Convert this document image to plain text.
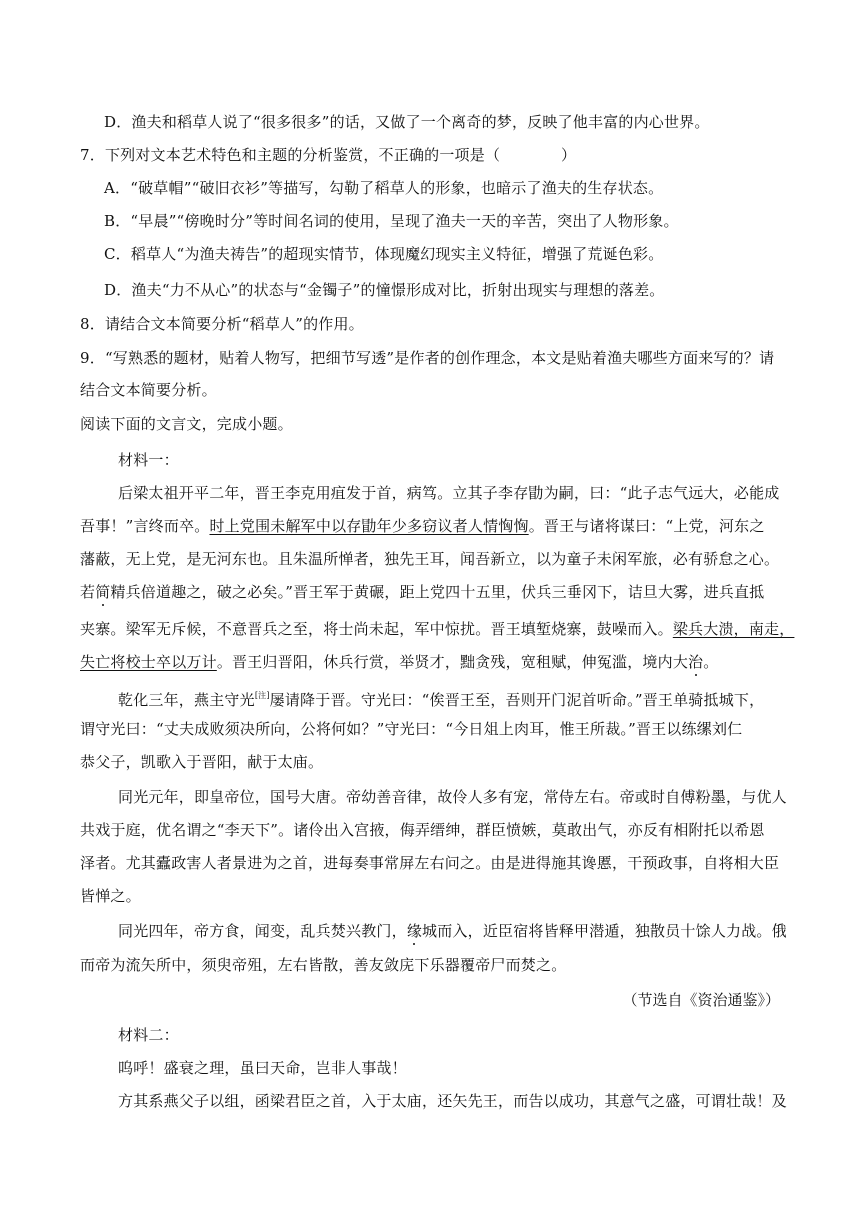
D．渔夫和稻草人说了“很多很多”的话，又做了一个离奇的梦，反映了他丰富的内心世界。
7．下列对文本艺术特色和主题的分析鉴赏，不正确的一项是（　　　　）
A．“破草帽”“破旧衣衫”等描写，勾勒了稻草人的形象，也暗示了渔夫的生存状态。
B．“早晨”“傍晚时分”等时间名词的使用，呈现了渔夫一天的辛苦，突出了人物形象。
C．稻草人“为渔夫祷告”的超现实情节，体现魔幻现实主义特征，增强了荒诞色彩。
D．渔夫“力不从心”的状态与“金镯子”的憧憬形成对比，折射出现实与理想的落差。
8．请结合文本简要分析“稻草人”的作用。
9．“写熟悉的题材，贴着人物写，把细节写透”是作者的创作理念，本文是贴着渔夫哪些方面来写的？请
结合文本简要分析。
阅读下面的文言文，完成小题。
材料一：
后梁太祖开平二年，晋王李克用疽发于首，病笃。立其子李存勖为嗣，曰：“此子志气远大，必能成
吾事！”言终而卒。时上党围未解军中以存勖年少多窃议者人情恟恟。晋王与诸将谋曰：“上党，河东之
藩蔽，无上党，是无河东也。且朱温所惮者，独先王耳，闻吾新立，以为童子未闲军旅，必有骄怠之心。
若简精兵倍道趣之，破之必矣。”晋王军于黄碾，距上党四十五里，伏兵三垂冈下，诘旦大雾，进兵直抵
夹寨。梁军无斥候，不意晋兵之至，将士尚未起，军中惊扰。晋王填堑烧寨，鼓噪而入。梁兵大溃，南走，
失亡将校士卒以万计。晋王归晋阳，休兵行赏，举贤才，黜贪残，宽租赋，伸冤滥，境内大治。
乾化三年，燕主守光[注]屡请降于晋。守光曰：“俟晋王至，吾则开门泥首听命。”晋王单骑抵城下，
谓守光曰：“丈夫成败须决所向，公将何如？”守光曰：“今日俎上肉耳，惟王所裁。”晋王以练缧刘仁
恭父子，凯歌入于晋阳，献于太庙。
同光元年，即皇帝位，国号大唐。帝幼善音律，故伶人多有宠，常侍左右。帝或时自傅粉墨，与优人
共戏于庭，优名谓之“李天下”。诸伶出入宫掖，侮弄缙绅，群臣愤嫉，莫敢出气，亦反有相附托以希恩
泽者。尤其蠹政害人者景进为之首，进每奏事常屏左右问之。由是进得施其谗慝，干预政事，自将相大臣
皆惮之。
同光四年，帝方食，闻变，乱兵焚兴教门，缘城而入，近臣宿将皆释甲潜遁，独散员十馀人力战。俄
而帝为流矢所中，须臾帝殂，左右皆散，善友敛庑下乐器覆帝尸而焚之。
（节选自《资治通鉴》）
材料二：
呜呼！盛衰之理，虽曰天命，岂非人事哉！
方其系燕父子以组，函梁君臣之首，入于太庙，还矢先王，而告以成功，其意气之盛，可谓壮哉！及
